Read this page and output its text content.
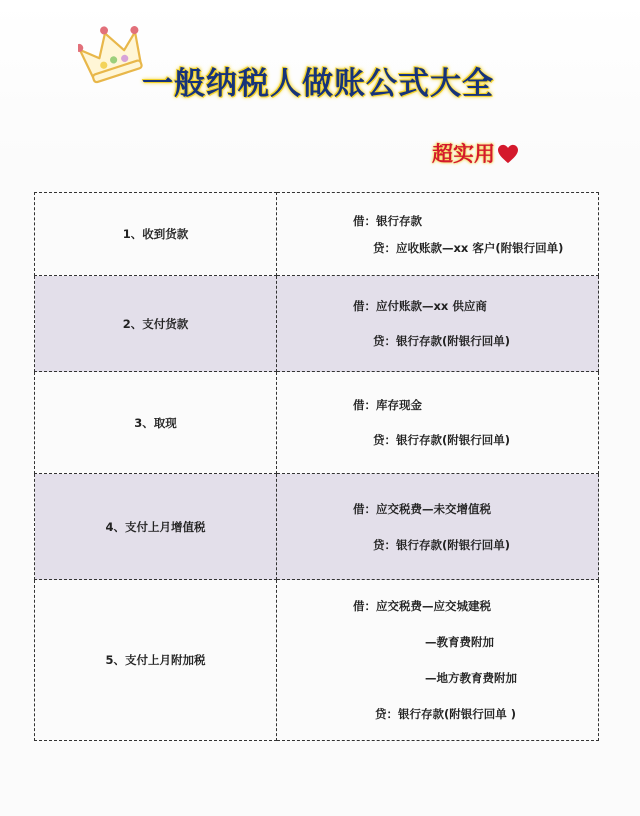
一般纳税人做账公式大全
超实用
1、收到货款	借：银行存款
贷：应收账款—xx 客户(附银行回单)

2、支付货款	借：应付账款—xx 供应商
贷：银行存款(附银行回单)

3、取现	借：库存现金
贷：银行存款(附银行回单)

4、支付上月增值税	借：应交税费—未交增值税
贷：银行存款(附银行回单)

5、支付上月附加税	借：应交税费—应交城建税
—教育费附加
—地方教育费附加
贷：银行存款(附银行回单 )
